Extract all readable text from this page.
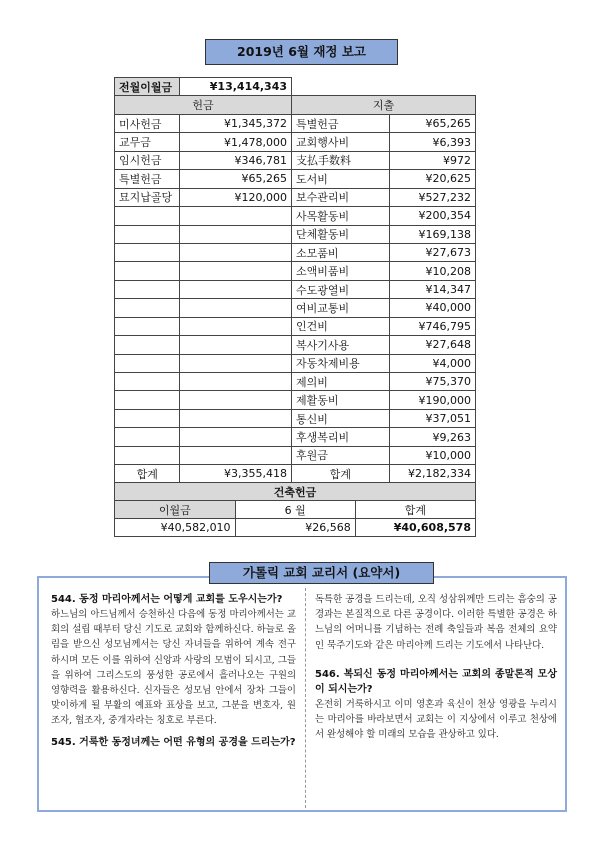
2019년 6월 재정 보고
전월이월금	¥13,414,343		
헌금		지출	
미사헌금	¥1,345,372	특별헌금	¥65,265
교무금	¥1,478,000	교회행사비	¥6,393
임시헌금	¥346,781	支払手数料	¥972
특별헌금	¥65,265	도서비	¥20,625
묘지납골당	¥120,000	보수관리비	¥527,232
		사목활동비	¥200,354
		단체활동비	¥169,138
		소모품비	¥27,673
		소액비품비	¥10,208
		수도광열비	¥14,347
		여비교통비	¥40,000
		인건비	¥746,795
		복사기사용	¥27,648
		자동차제비용	¥4,000
		제의비	¥75,370
		제활동비	¥190,000
		통신비	¥37,051
		후생복리비	¥9,263
		후원금	¥10,000
합계	¥3,355,418	합계	¥2,182,334

건축헌금		
이월금	6 월	합계
¥40,582,010	¥26,568	¥40,608,578

544. 동정 마리아께서는 어떻게 교회를 도우시는가?

하느님의 아드님께서 승천하신 다음에 동정 마리아께서는 교회의 설립 때부터 당신 기도로 교회와 함께하신다. 하늘로 올림을 받으신 성모님께서는 당신 자녀들을 위하여 계속 전구하시며 모든 이를 위하여 신앙과 사랑의 모범이 되시고, 그들을 위하여 그리스도의 풍성한 공로에서 흘러나오는 구원의 영향력을 활용하신다. 신자들은 성모님 안에서 장차 그들이 맞이하게 될 부활의 예표와 표상을 보고, 그분을 변호자, 원조자, 협조자, 중개자라는 칭호로 부른다.

545. 거룩한 동정녀께는 어떤 유형의 공경을 드리는가?

독특한 공경을 드리는데, 오직 성삼위께만 드리는 흠숭의 공경과는 본질적으로 다른 공경이다. 이러한 특별한 공경은 하느님의 어머니를 기념하는 전례 축일들과 복음 전체의 요약인 묵주기도와 같은 마리아께 드리는 기도에서 나타난다.

546. 복되신 동정 마리아께서는 교회의 종말론적 모상이 되시는가?

온전히 거룩하시고 이미 영혼과 육신이 천상 영광을 누리시는 마리아를 바라보면서 교회는 이 지상에서 이루고 천상에서 완성해야 할 미래의 모습을 관상하고 있다.

가톨릭 교회 교리서 (요약서)
